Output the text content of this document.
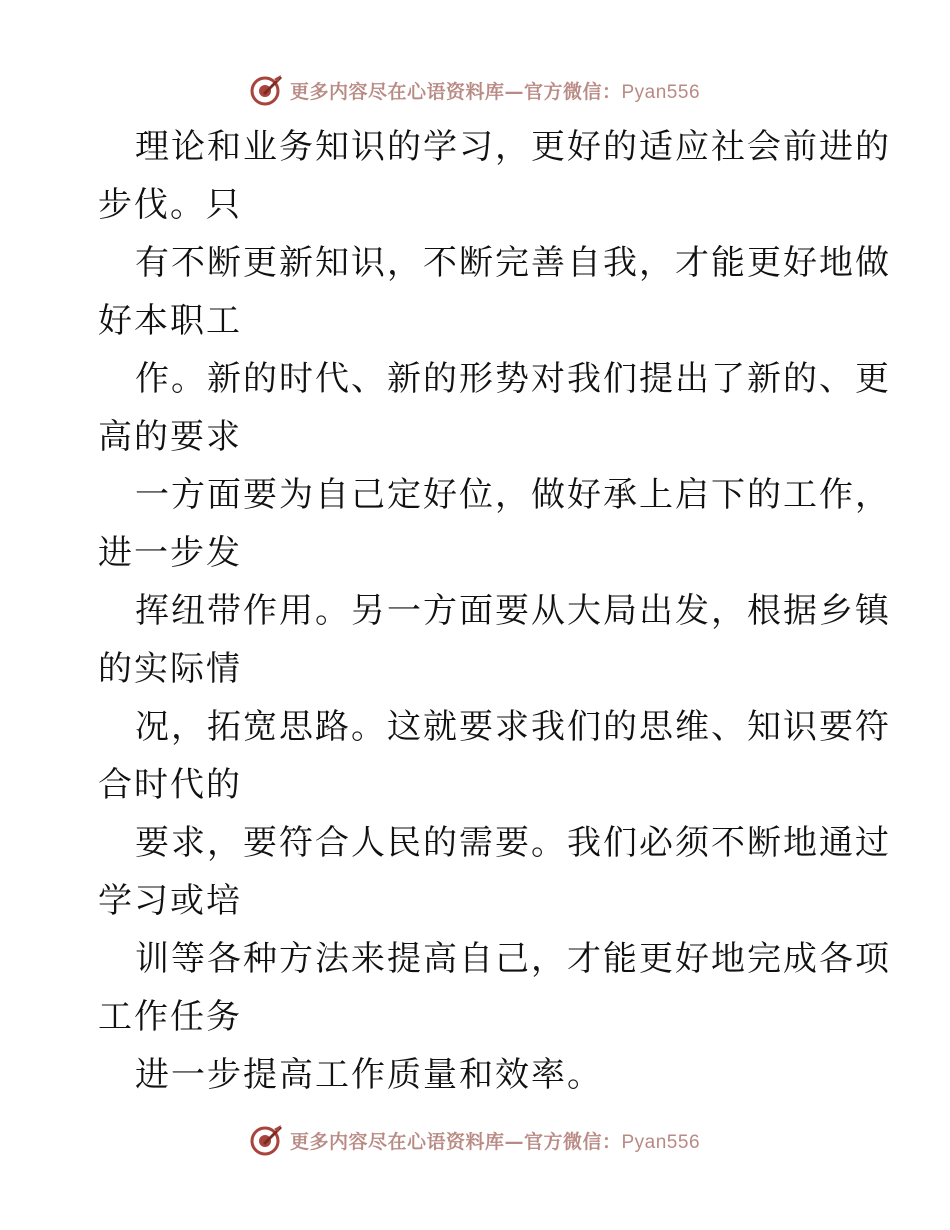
更多内容尽在心语资料库—官方微信：Pyan556
理论和业务知识的学习，更好的适应社会前进的
步伐。只
有不断更新知识，不断完善自我，才能更好地做
好本职工
作。新的时代、新的形势对我们提出了新的、更
高的要求
一方面要为自己定好位，做好承上启下的工作，
进一步发
挥纽带作用。另一方面要从大局出发，根据乡镇
的实际情
况，拓宽思路。这就要求我们的思维、知识要符
合时代的
要求，要符合人民的需要。我们必须不断地通过
学习或培
训等各种方法来提高自己，才能更好地完成各项
工作任务
进一步提高工作质量和效率。
更多内容尽在心语资料库—官方微信：Pyan556
